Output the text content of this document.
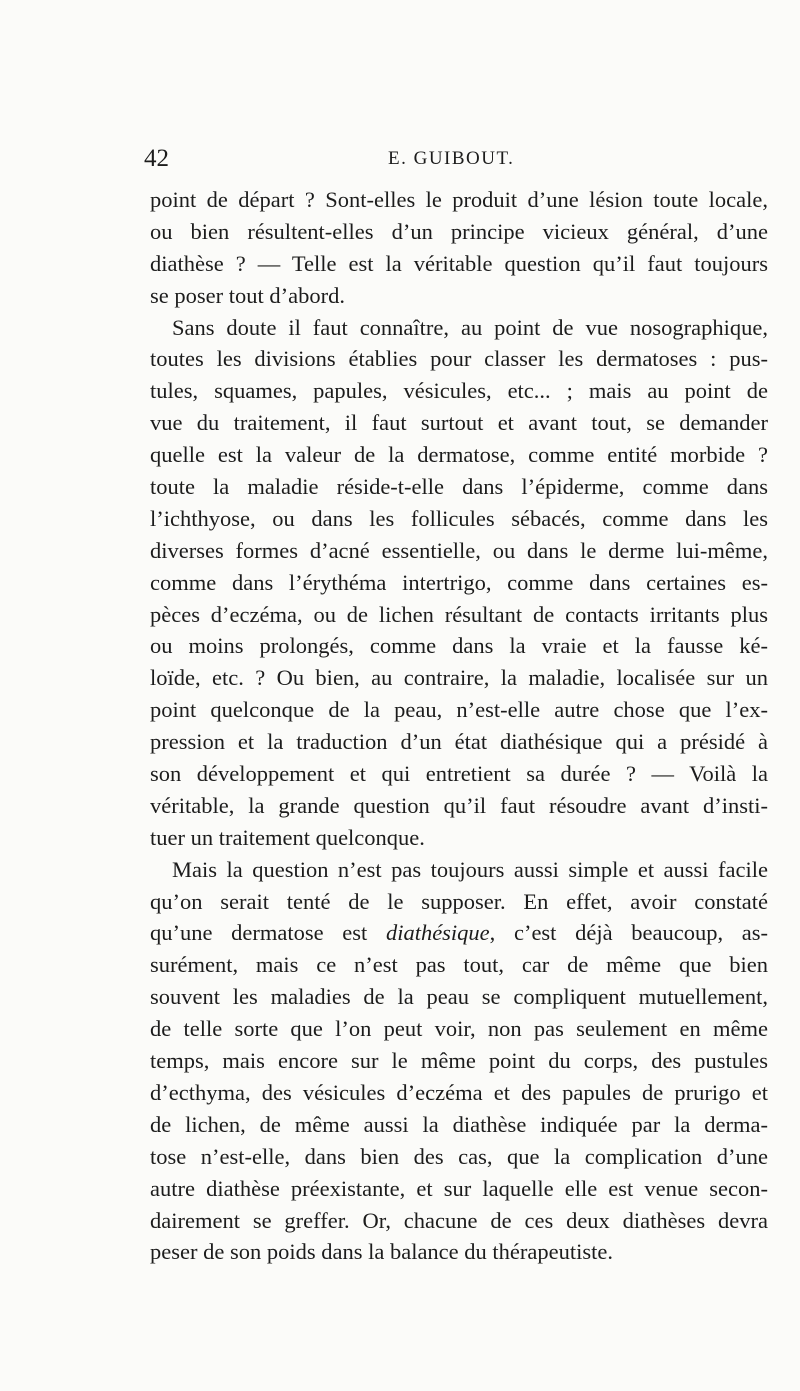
42	E. GUIBOUT.
point de départ ? Sont-elles le produit d’une lésion toute locale,
ou bien résultent-elles d’un principe vicieux général, d’une
diathèse ? — Telle est la véritable question qu’il faut toujours
se poser tout d’abord.
Sans doute il faut connaître, au point de vue nosographique,
toutes les divisions établies pour classer les dermatoses : pus-
tules, squames, papules, vésicules, etc... ; mais au point de
vue du traitement, il faut surtout et avant tout, se demander
quelle est la valeur de la dermatose, comme entité morbide ?
toute la maladie réside-t-elle dans l’épiderme, comme dans
l’ichthyose, ou dans les follicules sébacés, comme dans les
diverses formes d’acné essentielle, ou dans le derme lui-même,
comme dans l’érythéma intertrigo, comme dans certaines es-
pèces d’eczéma, ou de lichen résultant de contacts irritants plus
ou moins prolongés, comme dans la vraie et la fausse ké-
loïde, etc. ? Ou bien, au contraire, la maladie, localisée sur un
point quelconque de la peau, n’est-elle autre chose que l’ex-
pression et la traduction d’un état diathésique qui a présidé à
son développement et qui entretient sa durée ? — Voilà la
véritable, la grande question qu’il faut résoudre avant d’insti-
tuer un traitement quelconque.
Mais la question n’est pas toujours aussi simple et aussi facile
qu’on serait tenté de le supposer. En effet, avoir constaté
qu’une dermatose est diathésique, c’est déjà beaucoup, as-
surément, mais ce n’est pas tout, car de même que bien
souvent les maladies de la peau se compliquent mutuellement,
de telle sorte que l’on peut voir, non pas seulement en même
temps, mais encore sur le même point du corps, des pustules
d’ecthyma, des vésicules d’eczéma et des papules de prurigo et
de lichen, de même aussi la diathèse indiquée par la derma-
tose n’est-elle, dans bien des cas, que la complication d’une
autre diathèse préexistante, et sur laquelle elle est venue secon-
dairement se greffer. Or, chacune de ces deux diathèses devra
peser de son poids dans la balance du thérapeutiste.
